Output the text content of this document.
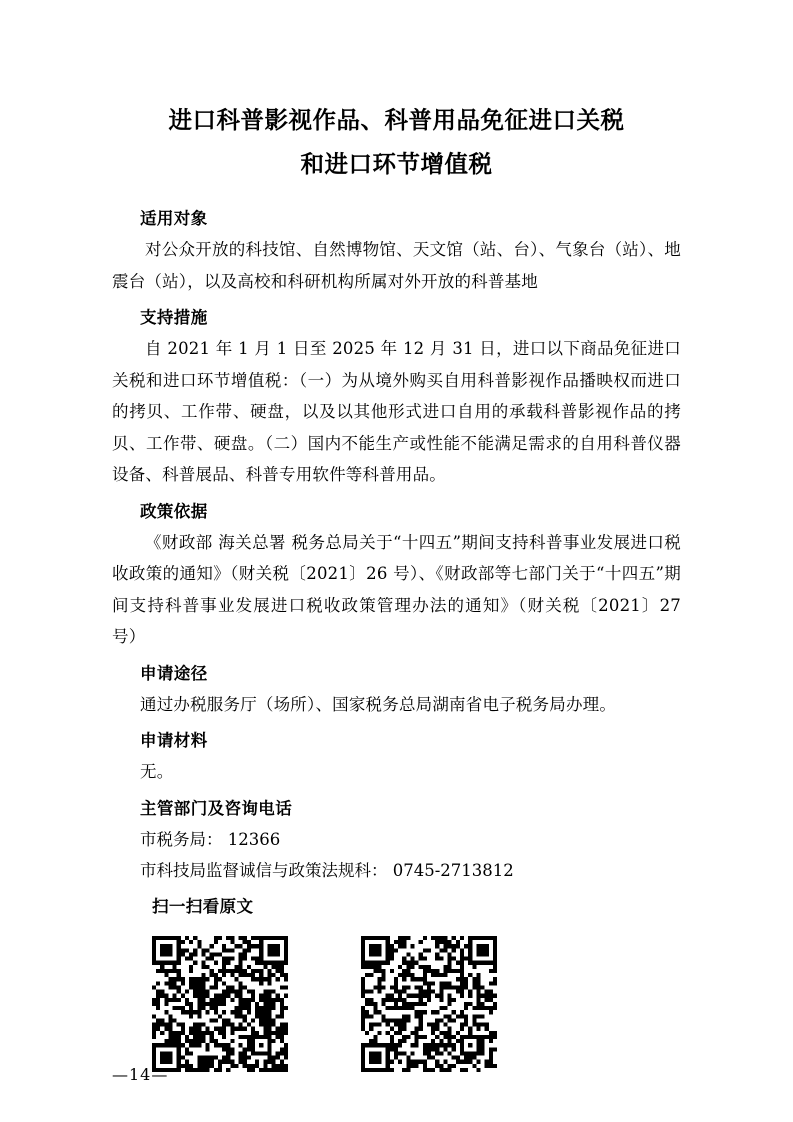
进口科普影视作品、科普用品免征进口关税
和进口环节增值税
适用对象
对公众开放的科技馆、自然博物馆、天文馆（站、台）、气象台（站）、地震台（站），以及高校和科研机构所属对外开放的科普基地
支持措施
自 2021 年 1 月 1 日至 2025 年 12 月 31 日，进口以下商品免征进口关税和进口环节增值税：（一）为从境外购买自用科普影视作品播映权而进口的拷贝、工作带、硬盘，以及以其他形式进口自用的承载科普影视作品的拷贝、工作带、硬盘。（二）国内不能生产或性能不能满足需求的自用科普仪器设备、科普展品、科普专用软件等科普用品。
政策依据
《财政部 海关总署 税务总局关于“十四五”期间支持科普事业发展进口税收政策的通知》（财关税〔2021〕26 号）、《财政部等七部门关于“十四五”期间支持科普事业发展进口税收政策管理办法的通知》（财关税〔2021〕27 号）
申请途径
通过办税服务厅（场所）、国家税务总局湖南省电子税务局办理。
申请材料
无。
主管部门及咨询电话
市税务局： 12366
市科技局监督诚信与政策法规科： 0745-2713812
扫一扫看原文
—14—
